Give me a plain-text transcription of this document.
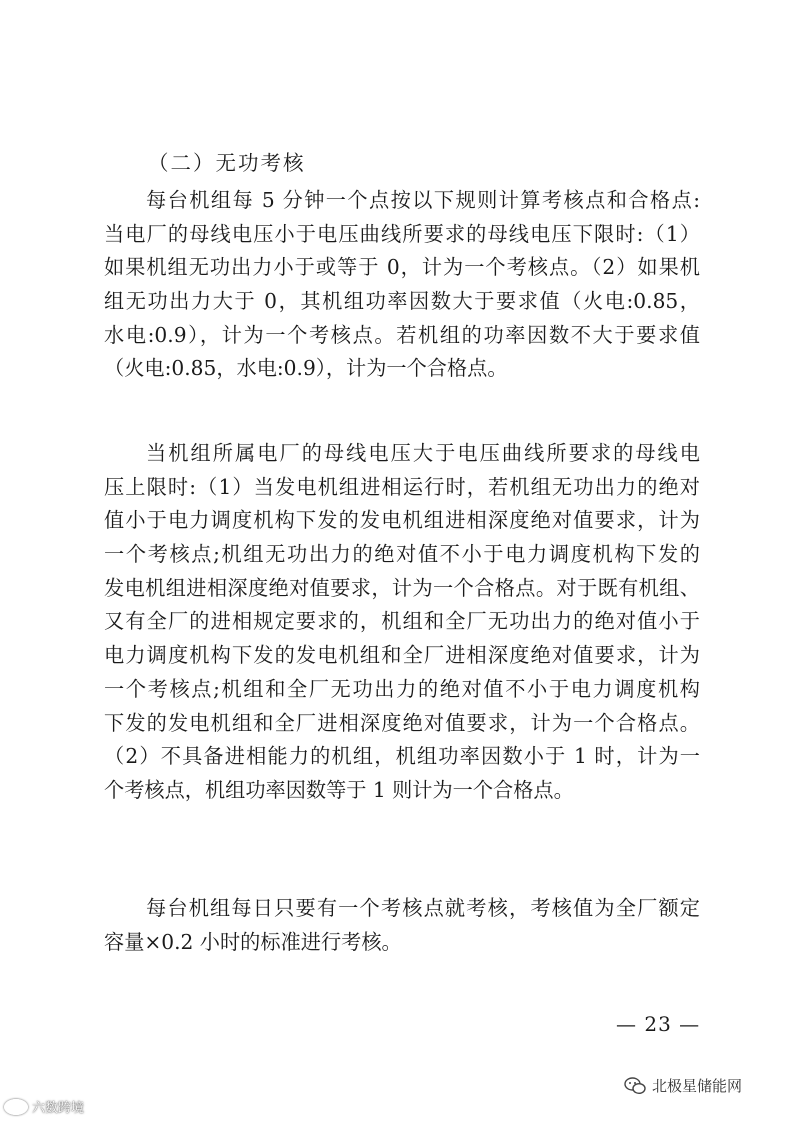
（二）无功考核
每台机组每 5 分钟一个点按以下规则计算考核点和合格点:
当电厂的母线电压小于电压曲线所要求的母线电压下限时:（1）
如果机组无功出力小于或等于 0，计为一个考核点。（2）如果机
组无功出力大于 0，其机组功率因数大于要求值（火电:0.85，
水电:0.9），计为一个考核点。若机组的功率因数不大于要求值
（火电:0.85，水电:0.9），计为一个合格点。
当机组所属电厂的母线电压大于电压曲线所要求的母线电
压上限时:（1）当发电机组进相运行时，若机组无功出力的绝对
值小于电力调度机构下发的发电机组进相深度绝对值要求，计为
一个考核点;机组无功出力的绝对值不小于电力调度机构下发的
发电机组进相深度绝对值要求，计为一个合格点。对于既有机组、
又有全厂的进相规定要求的，机组和全厂无功出力的绝对值小于
电力调度机构下发的发电机组和全厂进相深度绝对值要求，计为
一个考核点;机组和全厂无功出力的绝对值不小于电力调度机构
下发的发电机组和全厂进相深度绝对值要求，计为一个合格点。
（2）不具备进相能力的机组，机组功率因数小于 1 时，计为一
个考核点，机组功率因数等于 1 则计为一个合格点。
每台机组每日只要有一个考核点就考核，考核值为全厂额定
容量×0.2 小时的标准进行考核。
— 23 —
六数跨境
北极星储能网
